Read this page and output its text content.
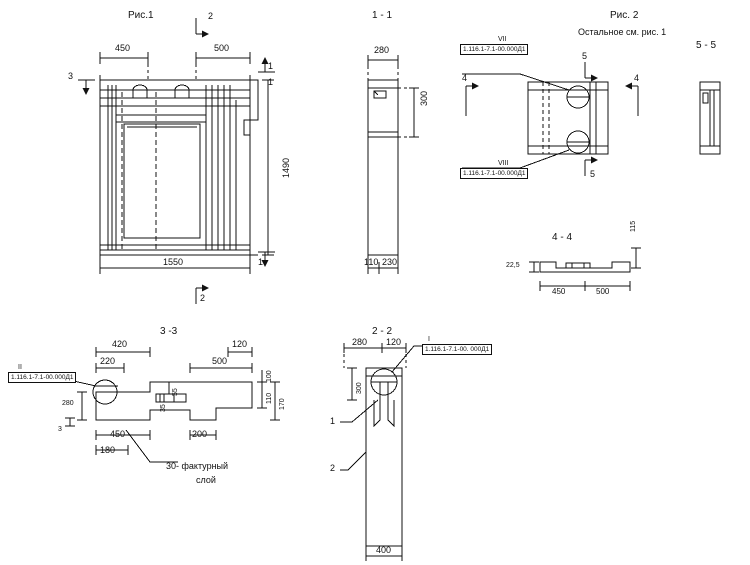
Рис.1
450	500
1550
1490
3
1
1
1
2
2
1 - 1
280
300
110 230
Рис. 2
Остальное см. рис. 1
VII
1.116.1-7.1-00.000Д1
VIII
1.116.1-7.1-00.000Д1
4	4
5
5
5 - 5
4 - 4
115
22,5
450	500
3 -3
II
1.116.1-7.1-00.000Д1
420
220	500
120
110 170
100
55
35
280
3	450
180
200
30- фактурный
слой
2 - 2
280 120
300
400
I
1.116.1-7.1-00. 000Д1
1
2
